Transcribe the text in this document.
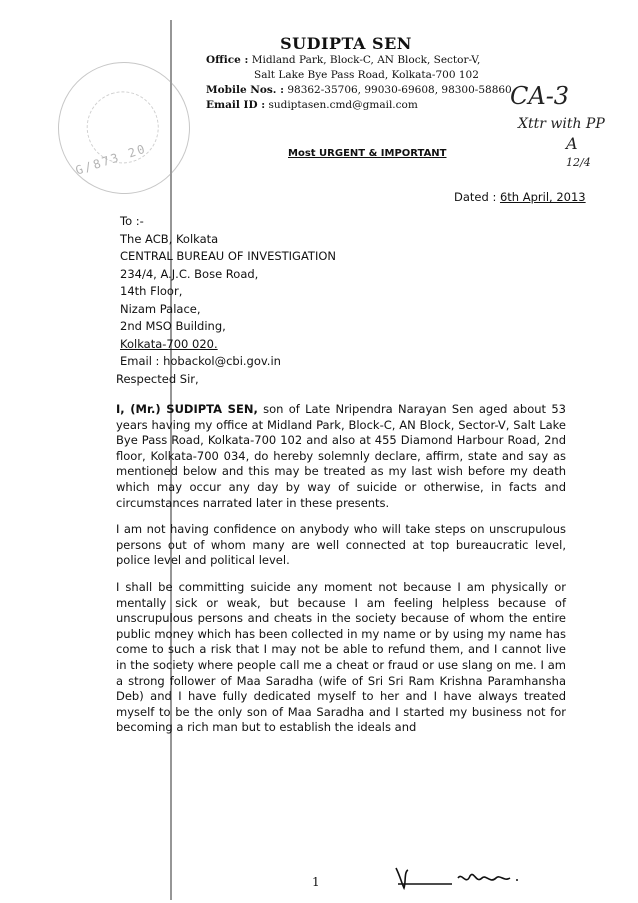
G/873 20
SUDIPTA SEN
Office : Midland Park, Block-C, AN Block, Sector-V,
Salt Lake Bye Pass Road, Kolkata-700 102
Mobile Nos. : 98362-35706, 99030-69608, 98300-58860
Email ID : sudiptasen.cmd@gmail.com	CA-3
Xttr with PP
A
12/4
Most URGENT & IMPORTANT
Dated : 6th April, 2013
To :-
The ACB, Kolkata
CENTRAL BUREAU OF INVESTIGATION
234/4, A.J.C. Bose Road,
14th Floor,
Nizam Palace,
2nd MSO Building,
Kolkata-700 020.
Email : hobackol@cbi.gov.in
Respected Sir,
I, (Mr.) SUDIPTA SEN, son of Late Nripendra Narayan Sen aged about 53 years having my office at Midland Park, Block-C, AN Block, Sector-V, Salt Lake Bye Pass Road, Kolkata-700 102 and also at 455 Diamond Harbour Road, 2nd floor, Kolkata-700 034, do hereby solemnly declare, affirm, state and say as mentioned below and this may be treated as my last wish before my death which may occur any day by way of suicide or otherwise, in facts and circumstances narrated later in these presents.
I am not having confidence on anybody who will take steps on unscrupulous persons out of whom many are well connected at top bureaucratic level, police level and political level.
I shall be committing suicide any moment not because I am physically or mentally sick or weak, but because I am feeling helpless because of unscrupulous persons and cheats in the society because of whom the entire public money which has been collected in my name or by using my name has come to such a risk that I may not be able to refund them, and I cannot live in the society where people call me a cheat or fraud or use slang on me. I am a strong follower of Maa Saradha (wife of Sri Sri Ram Krishna Paramhansha Deb) and I have fully dedicated myself to her and I have always treated myself to be the only son of Maa Saradha and I started my business not for becoming a rich man but to establish the ideals and
1
